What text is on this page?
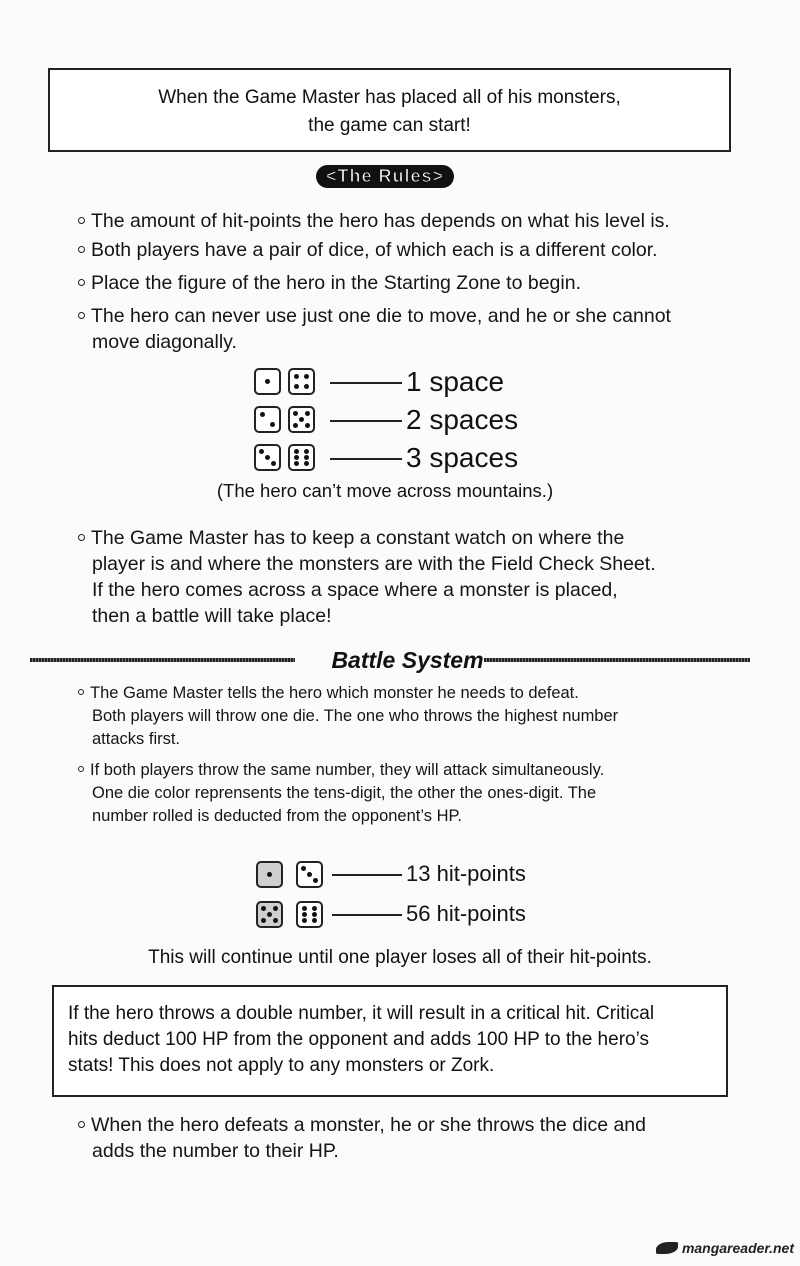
When the Game Master has placed all of his monsters,

the game can start!

<The Rules>
The amount of hit-points the hero has depends on what his level is.
Both players have a pair of dice, of which each is a different color.
Place the figure of the hero in the Starting Zone to begin.
The hero can never use just one die to move, and he or she cannot
move diagonally.
1 space
2 spaces
3 spaces
(The hero can’t move across mountains.)
The Game Master has to keep a constant watch on where the
player is and where the monsters are with the Field Check Sheet.
If the hero comes across a space where a monster is placed,
then a battle will take place!
Battle System
The Game Master tells the hero which monster he needs to defeat.
Both players will throw one die. The one who throws the highest number
attacks first.
If both players throw the same number, they will attack simultaneously.
One die color reprensents the tens-digit, the other the ones-digit. The
number rolled is deducted from the opponent’s HP.
13 hit-points
56 hit-points
This will continue until one player loses all of their hit-points.

If the hero throws a double number, it will result in a critical hit. Critical
hits deduct 100 HP from the opponent and adds 100 HP to the hero’s
stats! This does not apply to any monsters or Zork.

When the hero defeats a monster, he or she throws the dice and
adds the number to their HP.
mangareader.net
